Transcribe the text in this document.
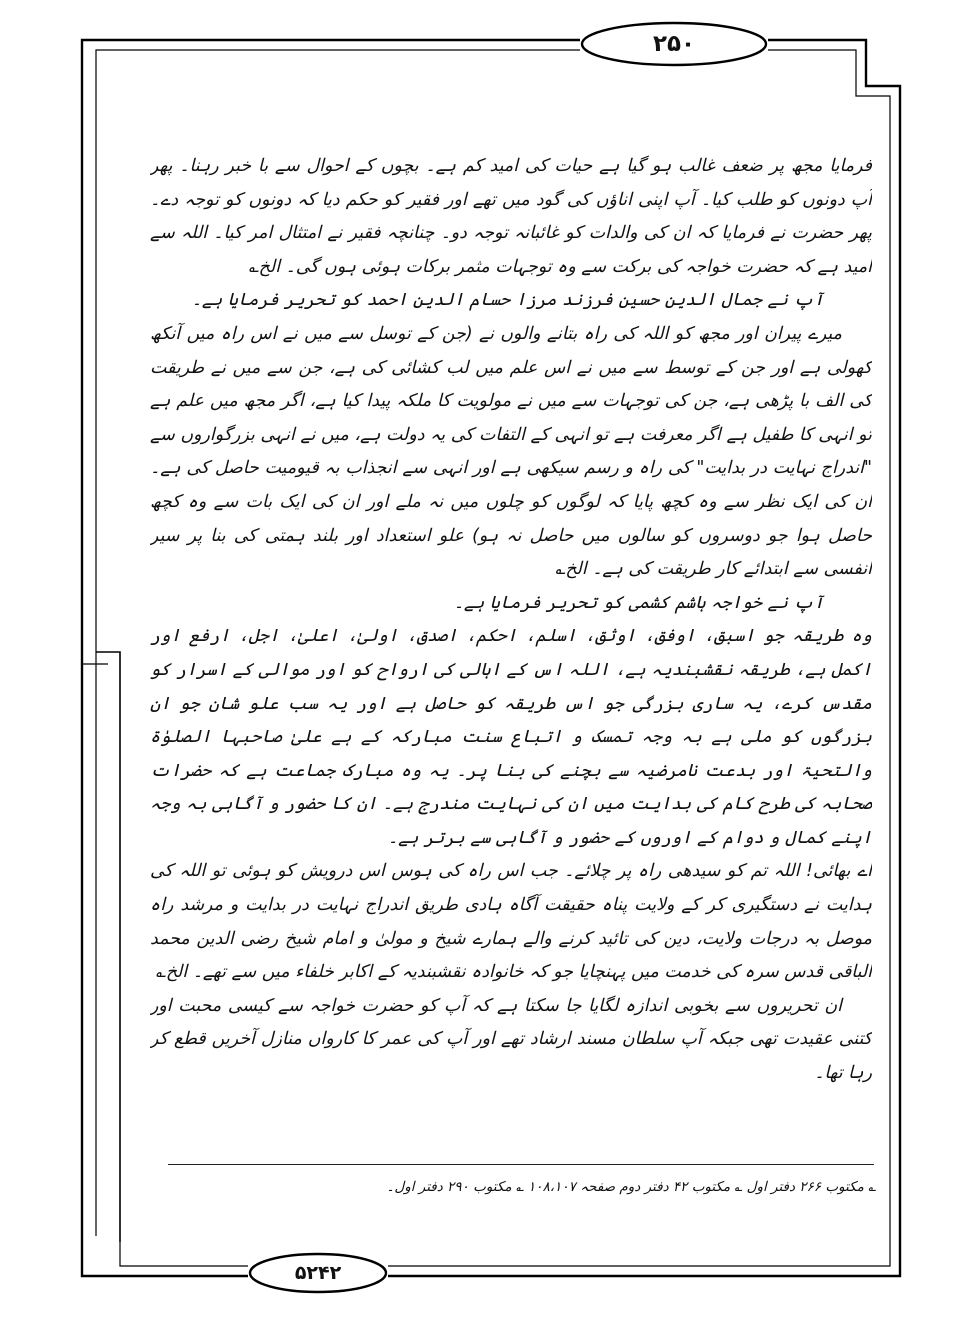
۲۵۰

فرمایا مجھ پر ضعف غالب ہو گیا ہے حیات کی امید کم ہے۔ بچوں کے احوال سے با خبر رہنا۔ پھر آپ دونوں کو طلب کیا۔ آپ اپنی اناؤں کی گود میں تھے اور فقیر کو حکم دیا کہ دونوں کو توجہ دے۔ پھر حضرت نے فرمایا کہ ان کی والدات کو غائبانہ توجہ دو۔ چنانچہ فقیر نے امتثال امر کیا۔ اللہ سے امید ہے کہ حضرت خواجہ کی برکت سے وہ توجہات مثمر برکات ہوئی ہوں گی۔ الخ؎

آپ نے جمال الدین حسین فرزند مرزا حسام الدین احمد کو تحریر فرمایا ہے۔

میرے پیران اور مجھ کو اللہ کی راہ بتانے والوں نے (جن کے توسل سے میں نے اس راہ میں آنکھ کھولی ہے اور جن کے توسط سے میں نے اس علم میں لب کشائی کی ہے، جن سے میں نے طریقت کی الف با پڑھی ہے، جن کی توجہات سے میں نے مولویت کا ملکہ پیدا کیا ہے، اگر مجھ میں علم ہے تو انہی کا طفیل ہے اگر معرفت ہے تو انہی کے التفات کی یہ دولت ہے، میں نے انہی بزرگواروں سے "اندراج نہایت در بدایت" کی راہ و رسم سیکھی ہے اور انہی سے انجذاب بہ قیومیت حاصل کی ہے۔ ان کی ایک نظر سے وہ کچھ پایا کہ لوگوں کو چلوں میں نہ ملے اور ان کی ایک بات سے وہ کچھ حاصل ہوا جو دوسروں کو سالوں میں حاصل نہ ہو) علو استعداد اور بلند ہمتی کی بنا پر سیر انفسی سے ابتدائے کار طریقت کی ہے۔ الخ؎

آپ نے خواجہ ہاشم کشمی کو تحریر فرمایا ہے۔

وہ طریقہ جو اسبق، اوفق، اوثق، اسلم، احکم، اصدق، اولیٰ، اعلیٰ، اجل، ارفع اور اکمل ہے، طریقہ نقشبندیہ ہے، اللہ اس کے اہالی کی ارواح کو اور موالی کے اسرار کو مقدس کرے، یہ ساری بزرگی جو اس طریقہ کو حاصل ہے اور یہ سب علو شان جو ان بزرگوں کو ملی ہے بہ وجہ تمسک و اتباع سنت مبارکہ کے ہے علیٰ صاحبہا الصلوٰۃ والتحیۃ اور بدعت نامرضیہ سے بچنے کی بنا پر۔ یہ وہ مبارک جماعت ہے کہ حضرات صحابہ کی طرح کام کی بدایت میں ان کی نہایت مندرج ہے۔ ان کا حضور و آگاہی بہ وجہ اپنے کمال و دوام کے اوروں کے حضور و آگاہی سے برتر ہے۔

اے بھائی! اللہ تم کو سیدھی راہ پر چلائے۔ جب اس راہ کی ہوس اس درویش کو ہوئی تو اللہ کی ہدایت نے دستگیری کر کے ولایت پناہ حقیقت آگاہ ہادی طریق اندراج نہایت در بدایت و مرشد راہ موصل بہ درجات ولایت، دین کی تائید کرنے والے ہمارے شیخ و مولیٰ و امام شیخ رضی الدین محمد الباقی قدس سرہ کی خدمت میں پہنچایا جو کہ خانوادہ نقشبندیہ کے اکابر خلفاء میں سے تھے۔ الخ؎

ان تحریروں سے بخوبی اندازہ لگایا جا سکتا ہے کہ آپ کو حضرت خواجہ سے کیسی محبت اور کتنی عقیدت تھی جبکہ آپ سلطان مسند ارشاد تھے اور آپ کی عمر کا کارواں منازل آخریں قطع کر رہا تھا۔

؎ مکتوب ۲۶۶ دفتر اول ؎ مکتوب ۴۲ دفتر دوم صفحہ ۱۰۸،۱۰۷ ؎ مکتوب ۲۹۰ دفتر اول۔
۵۲۴۲
